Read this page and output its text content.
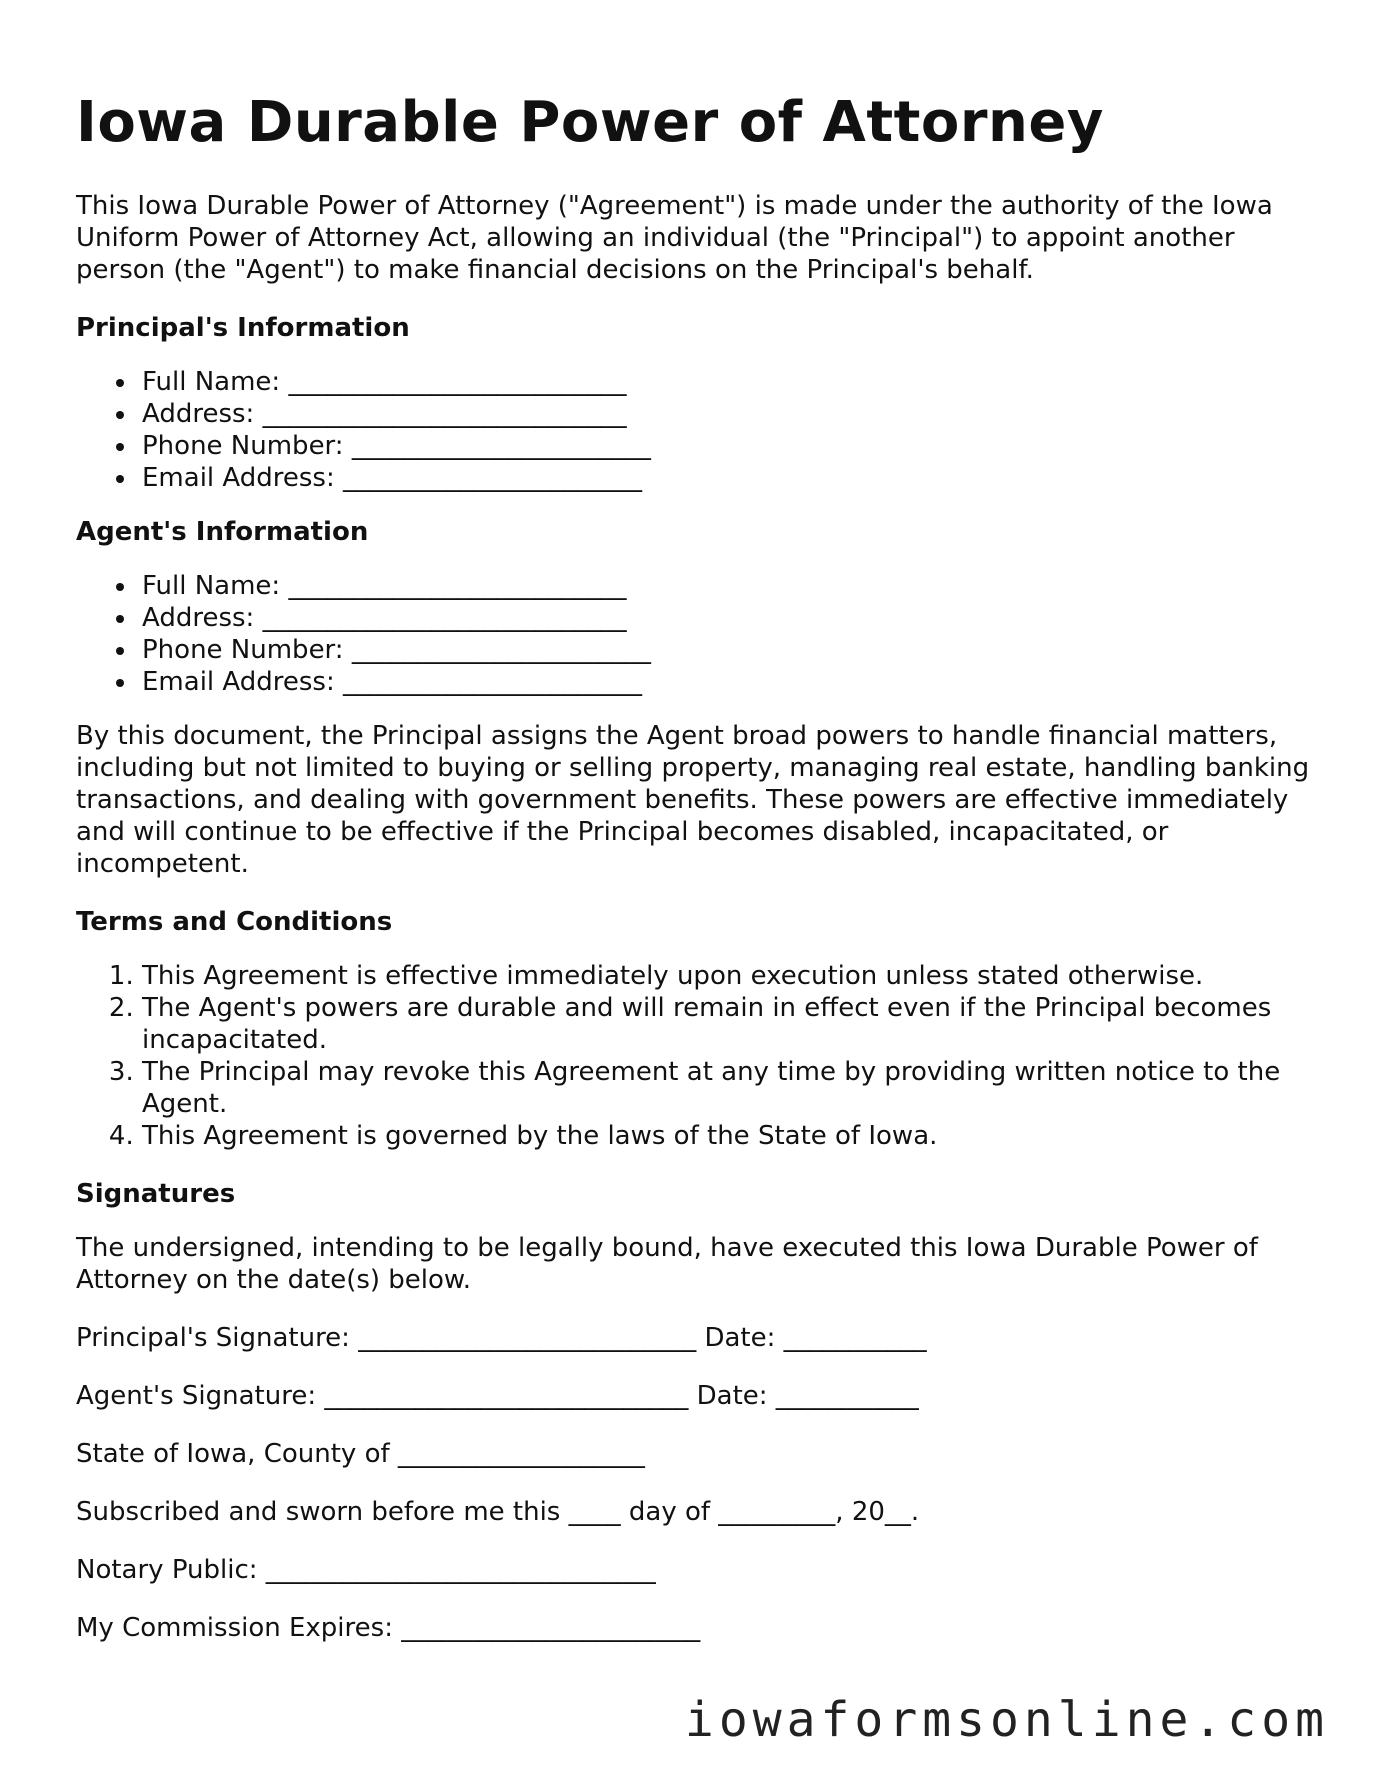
Iowa Durable Power of Attorney

This Iowa Durable Power of Attorney ("Agreement") is made under the authority of the Iowa Uniform Power of Attorney Act, allowing an individual (the "Principal") to appoint another person (the "Agent") to make financial decisions on the Principal's behalf.

Principal's Information
Full Name: __________________________
Address: ____________________________
Phone Number: _______________________
Email Address: _______________________
Agent's Information
Full Name: __________________________
Address: ____________________________
Phone Number: _______________________
Email Address: _______________________

By this document, the Principal assigns the Agent broad powers to handle financial matters, including but not limited to buying or selling property, managing real estate, handling banking transactions, and dealing with government benefits. These powers are effective immediately and will continue to be effective if the Principal becomes disabled, incapacitated, or incompetent.

Terms and Conditions
1. This Agreement is effective immediately upon execution unless stated otherwise.
2. The Agent's powers are durable and will remain in effect even if the Principal becomes incapacitated.
3. The Principal may revoke this Agreement at any time by providing written notice to the Agent.
4. This Agreement is governed by the laws of the State of Iowa.
Signatures

The undersigned, intending to be legally bound, have executed this Iowa Durable Power of Attorney on the date(s) below.

Principal's Signature: __________________________ Date: ___________

Agent's Signature: ____________________________ Date: ___________

State of Iowa, County of ___________________

Subscribed and sworn before me this ____ day of _________, 20__.

Notary Public: ______________________________

My Commission Expires: _______________________

iowaformsonline.com
